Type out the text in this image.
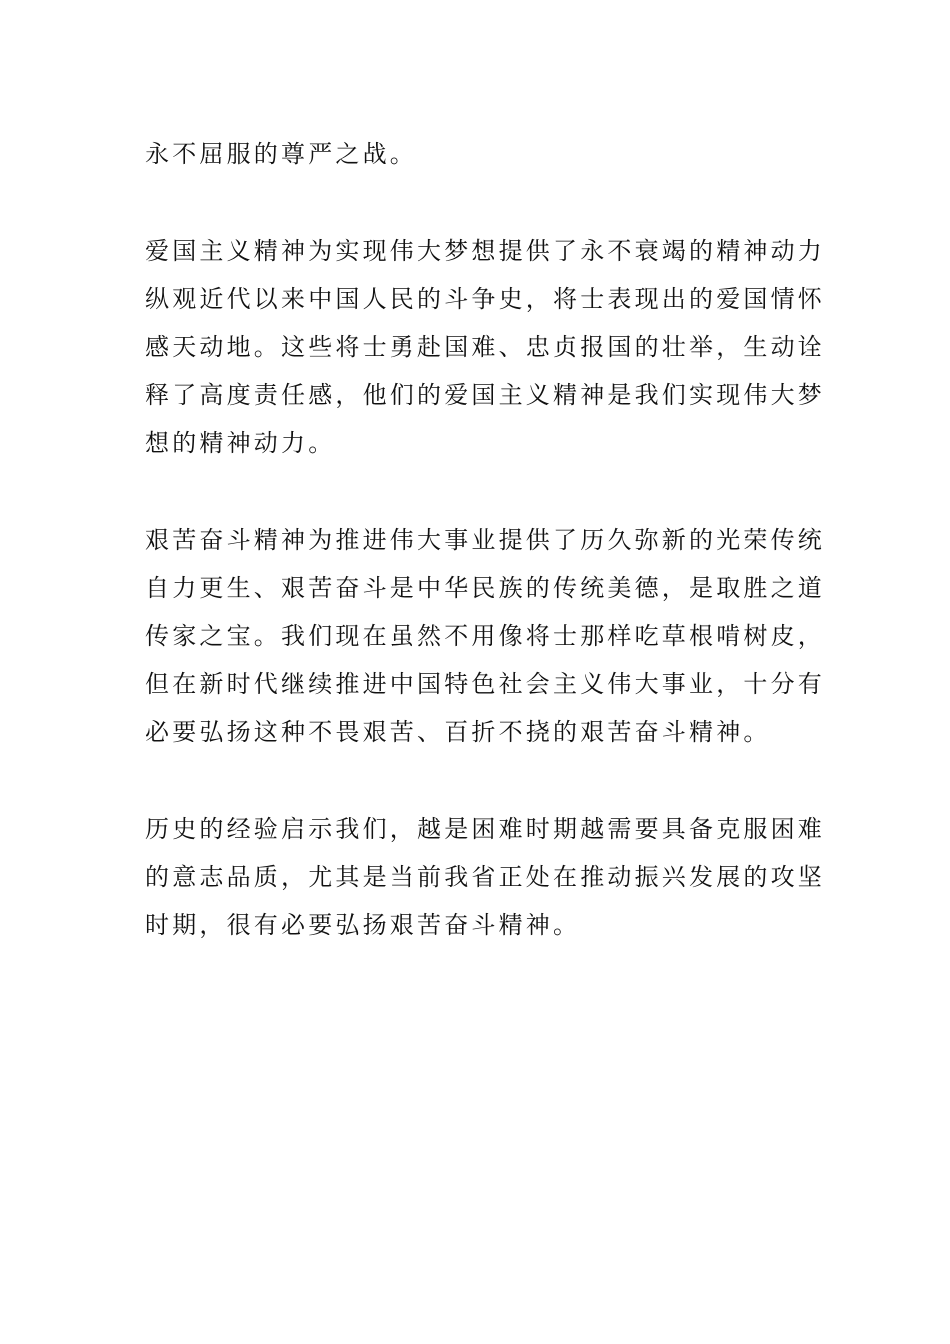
永不屈服的尊严之战。
爱国主义精神为实现伟大梦想提供了永不衰竭的精神动力
纵观近代以来中国人民的斗争史，将士表现出的爱国情怀
感天动地。这些将士勇赴国难、忠贞报国的壮举，生动诠
释了高度责任感，他们的爱国主义精神是我们实现伟大梦
想的精神动力。
艰苦奋斗精神为推进伟大事业提供了历久弥新的光荣传统
自力更生、艰苦奋斗是中华民族的传统美德，是取胜之道
传家之宝。我们现在虽然不用像将士那样吃草根啃树皮，
但在新时代继续推进中国特色社会主义伟大事业，十分有
必要弘扬这种不畏艰苦、百折不挠的艰苦奋斗精神。
历史的经验启示我们，越是困难时期越需要具备克服困难
的意志品质，尤其是当前我省正处在推动振兴发展的攻坚
时期，很有必要弘扬艰苦奋斗精神。
